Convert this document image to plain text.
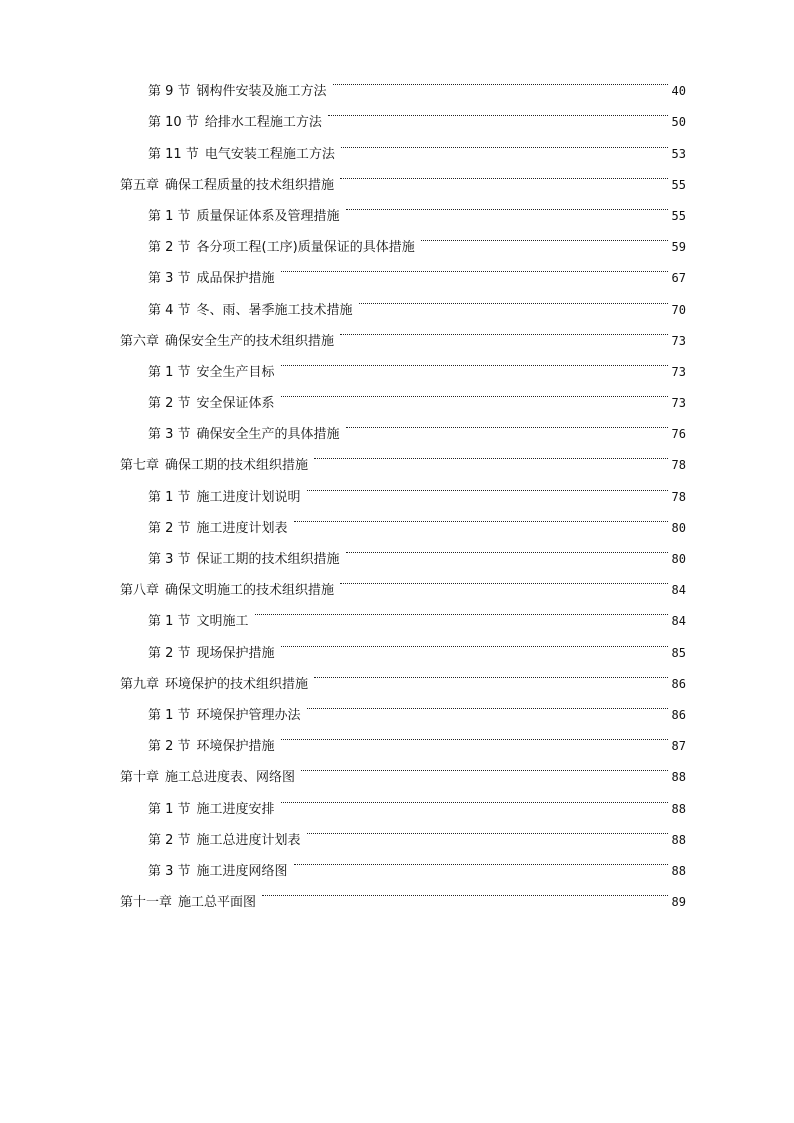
第 9 节 钢构件安装及施工方法	40
第 10 节 给排水工程施工方法	50
第 11 节 电气安装工程施工方法	53
第五章 确保工程质量的技术组织措施	55
第 1 节 质量保证体系及管理措施	55
第 2 节 各分项工程(工序)质量保证的具体措施	59
第 3 节 成品保护措施	67
第 4 节 冬、雨、暑季施工技术措施	70
第六章 确保安全生产的技术组织措施	73
第 1 节 安全生产目标	73
第 2 节 安全保证体系	73
第 3 节 确保安全生产的具体措施	76
第七章 确保工期的技术组织措施	78
第 1 节 施工进度计划说明	78
第 2 节 施工进度计划表	80
第 3 节 保证工期的技术组织措施	80
第八章 确保文明施工的技术组织措施	84
第 1 节 文明施工	84
第 2 节 现场保护措施	85
第九章 环境保护的技术组织措施	86
第 1 节 环境保护管理办法	86
第 2 节 环境保护措施	87
第十章 施工总进度表、网络图	88
第 1 节 施工进度安排	88
第 2 节 施工总进度计划表	88
第 3 节 施工进度网络图	88
第十一章 施工总平面图	89
